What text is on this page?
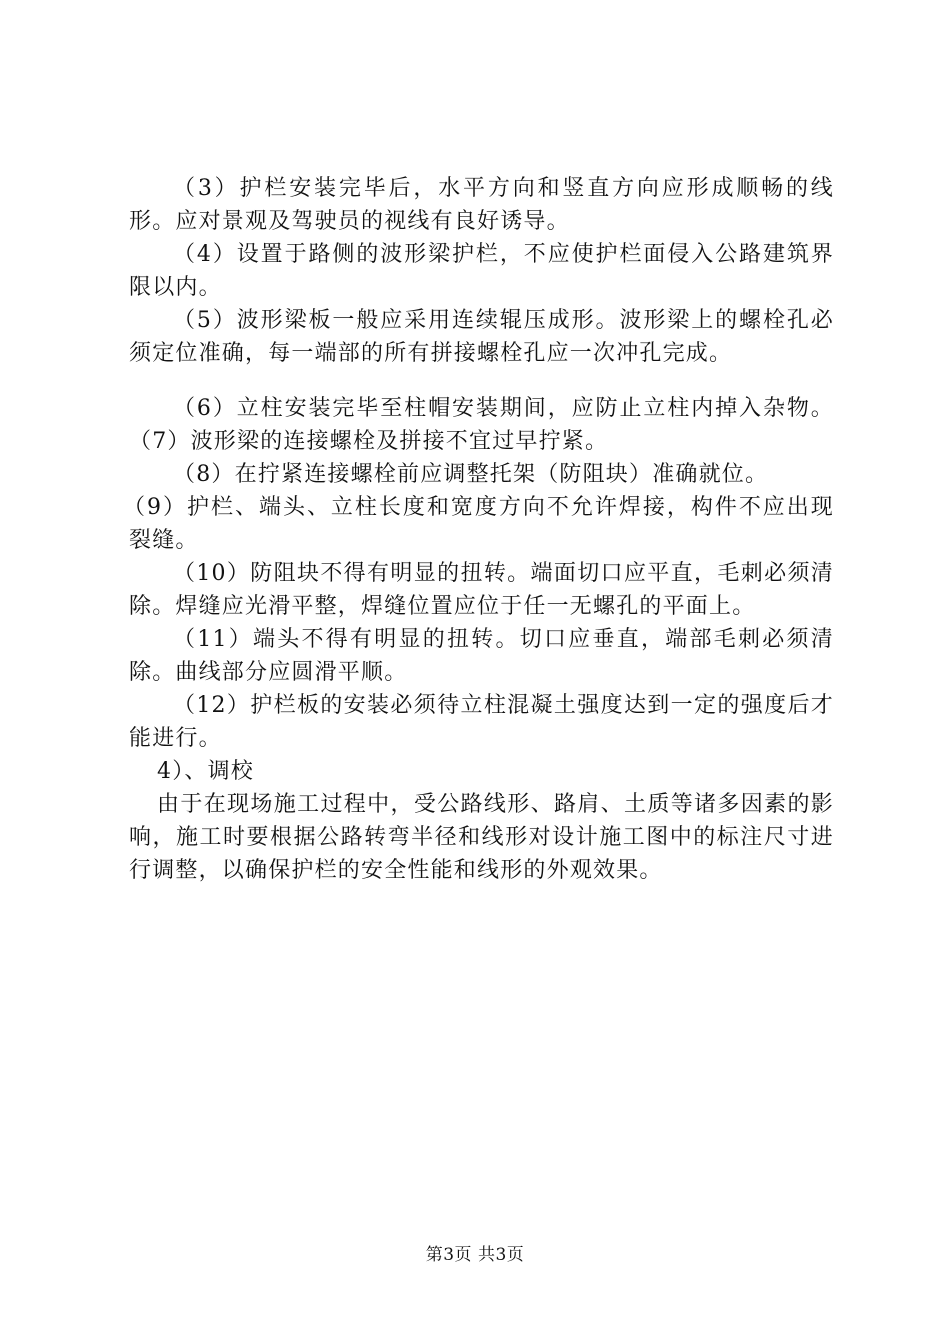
（3）护栏安装完毕后，水平方向和竖直方向应形成顺畅的线形。应对景观及驾驶员的视线有良好诱导。

（4）设置于路侧的波形梁护栏，不应使护栏面侵入公路建筑界限以内。

（5）波形梁板一般应采用连续辊压成形。波形梁上的螺栓孔必须定位准确，每一端部的所有拼接螺栓孔应一次冲孔完成。

（6）立柱安装完毕至柱帽安装期间，应防止立柱内掉入杂物。（7）波形梁的连接螺栓及拼接不宜过早拧紧。

（8）在拧紧连接螺栓前应调整托架（防阻块）准确就位。

（9）护栏、端头、立柱长度和宽度方向不允许焊接，构件不应出现裂缝。

（10）防阻块不得有明显的扭转。端面切口应平直，毛刺必须清除。焊缝应光滑平整，焊缝位置应位于任一无螺孔的平面上。

（11）端头不得有明显的扭转。切口应垂直，端部毛刺必须清除。曲线部分应圆滑平顺。

（12）护栏板的安装必须待立柱混凝土强度达到一定的强度后才能进行。

4）、调校

由于在现场施工过程中，受公路线形、路肩、土质等诸多因素的影响，施工时要根据公路转弯半径和线形对设计施工图中的标注尺寸进行调整，以确保护栏的安全性能和线形的外观效果。

第3页 共3页
